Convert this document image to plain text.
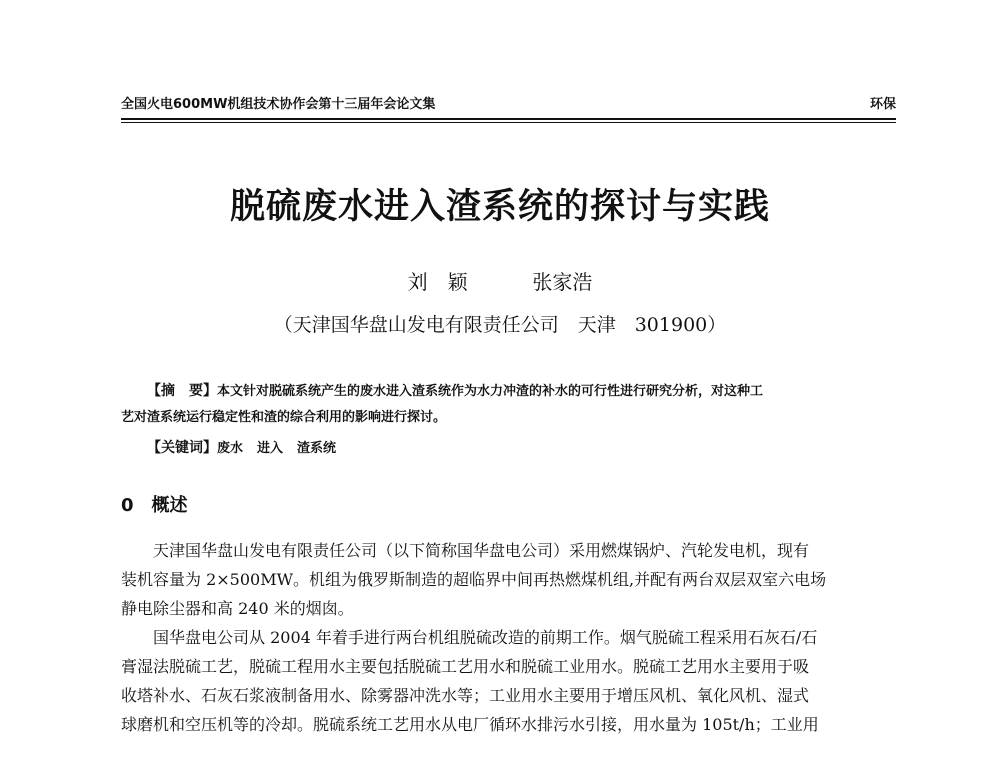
全国火电600MW机组技术协作会第十三届年会论文集	环保
脱硫废水进入渣系统的探讨与实践
刘　颖	张家浩
（天津国华盘山发电有限责任公司　天津　301900）
【摘　要】本文针对脱硫系统产生的废水进入渣系统作为水力冲渣的补水的可行性进行研究分析，对这种工
艺对渣系统运行稳定性和渣的综合利用的影响进行探讨。
【关键词】废水 进入 渣系统
0 概述

天津国华盘山发电有限责任公司（以下简称国华盘电公司）采用燃煤锅炉、汽轮发电机，现有
装机容量为 2×500MW。机组为俄罗斯制造的超临界中间再热燃煤机组,并配有两台双层双室六电场
静电除尘器和高 240 米的烟囱。

国华盘电公司从 2004 年着手进行两台机组脱硫改造的前期工作。烟气脱硫工程采用石灰石/石
膏湿法脱硫工艺，脱硫工程用水主要包括脱硫工艺用水和脱硫工业用水。脱硫工艺用水主要用于吸
收塔补水、石灰石浆液制备用水、除雾器冲洗水等；工业用水主要用于增压风机、氧化风机、湿式
球磨机和空压机等的冷却。脱硫系统工艺用水从电厂循环水排污水引接，用水量为 105t/h；工业用
